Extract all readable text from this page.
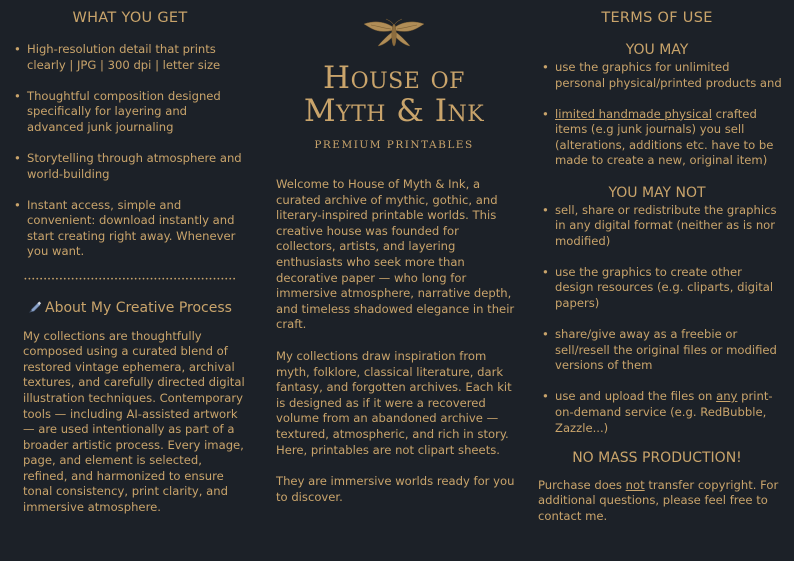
WHAT YOU GET
• High-resolution detail that prints clearly | JPG | 300 dpi | letter size
• Thoughtful composition designed specifically for layering and advanced junk journaling
• Storytelling through atmosphere and world-building
• Instant access, simple and convenient: download instantly and start creating right away. Whenever you want.
••••••••••••••••••••••••••••••••••••••••••••••••••••••
About My Creative Process
My collections are thoughtfully composed using a curated blend of restored vintage ephemera, archival textures, and carefully directed digital illustration techniques. Contemporary tools — including AI-assisted artwork — are used intentionally as part of a broader artistic process. Every image, page, and element is selected, refined, and harmonized to ensure tonal consistency, print clarity, and immersive atmosphere.
House of
Myth & Ink
PREMIUM PRINTABLES

Welcome to House of Myth & Ink, a curated archive of mythic, gothic, and literary-inspired printable worlds. This creative house was founded for collectors, artists, and layering enthusiasts who seek more than decorative paper — who long for immersive atmosphere, narrative depth, and timeless shadowed elegance in their craft.

My collections draw inspiration from myth, folklore, classical literature, dark fantasy, and forgotten archives. Each kit is designed as if it were a recovered volume from an abandoned archive — textured, atmospheric, and rich in story. Here, printables are not clipart sheets.

They are immersive worlds ready for you to discover.

TERMS OF USE
YOU MAY
• use the graphics for unlimited personal physical/printed products and
• limited handmade physical crafted items (e.g junk journals) you sell (alterations, additions etc. have to be made to create a new, original item)
YOU MAY NOT
• sell, share or redistribute the graphics in any digital format (neither as is nor modified)
• use the graphics to create other design resources (e.g. cliparts, digital papers)
• share/give away as a freebie or sell/resell the original files or modified versions of them
• use and upload the files on any print-on-demand service (e.g. RedBubble, Zazzle...)
NO MASS PRODUCTION!
Purchase does not transfer copyright. For additional questions, please feel free to contact me.
